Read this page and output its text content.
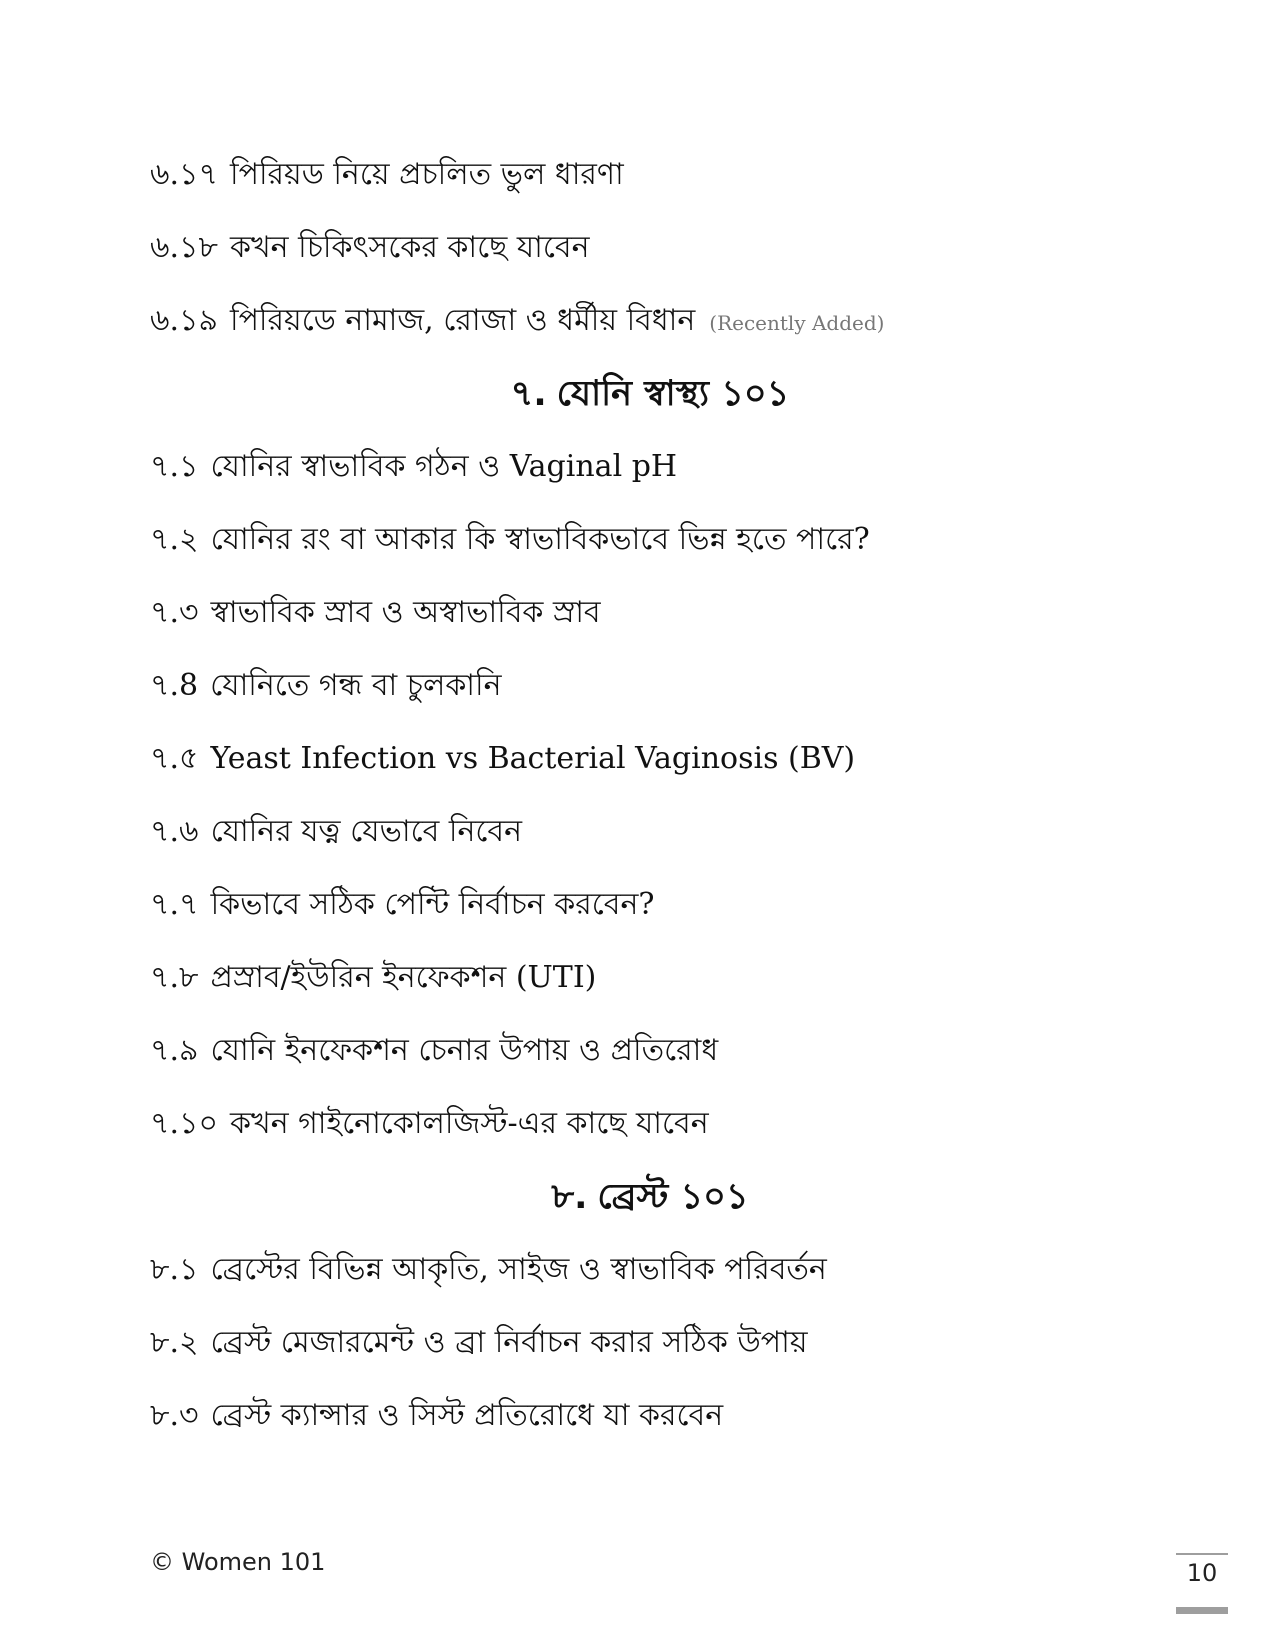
৬.১৭ পিরিয়ড নিয়ে প্রচলিত ভুল ধারণা
৬.১৮ কখন চিকিৎসকের কাছে যাবেন
৬.১৯ পিরিয়ডে নামাজ, রোজা ও ধর্মীয় বিধান (Recently Added)
৭. যোনি স্বাস্থ্য ১০১
৭.১ যোনির স্বাভাবিক গঠন ও Vaginal pH
৭.২ যোনির রং বা আকার কি স্বাভাবিকভাবে ভিন্ন হতে পারে?
৭.৩ স্বাভাবিক স্রাব ও অস্বাভাবিক স্রাব
৭.8 যোনিতে গন্ধ বা চুলকানি
৭.৫ Yeast Infection vs Bacterial Vaginosis (BV)
৭.৬ যোনির যত্ন যেভাবে নিবেন
৭.৭ কিভাবে সঠিক পেন্টি নির্বাচন করবেন?
৭.৮ প্রস্রাব/ইউরিন ইনফেকশন (UTI)
৭.৯ যোনি ইনফেকশন চেনার উপায় ও প্রতিরোধ
৭.১০ কখন গাইনোকোলজিস্ট-এর কাছে যাবেন
৮. ব্রেস্ট ১০১
৮.১ ব্রেস্টের বিভিন্ন আকৃতি, সাইজ ও স্বাভাবিক পরিবর্তন
৮.২ ব্রেস্ট মেজারমেন্ট ও ব্রা নির্বাচন করার সঠিক উপায়
৮.৩ ব্রেস্ট ক্যান্সার ও সিস্ট প্রতিরোধে যা করবেন
© Women 101	10
